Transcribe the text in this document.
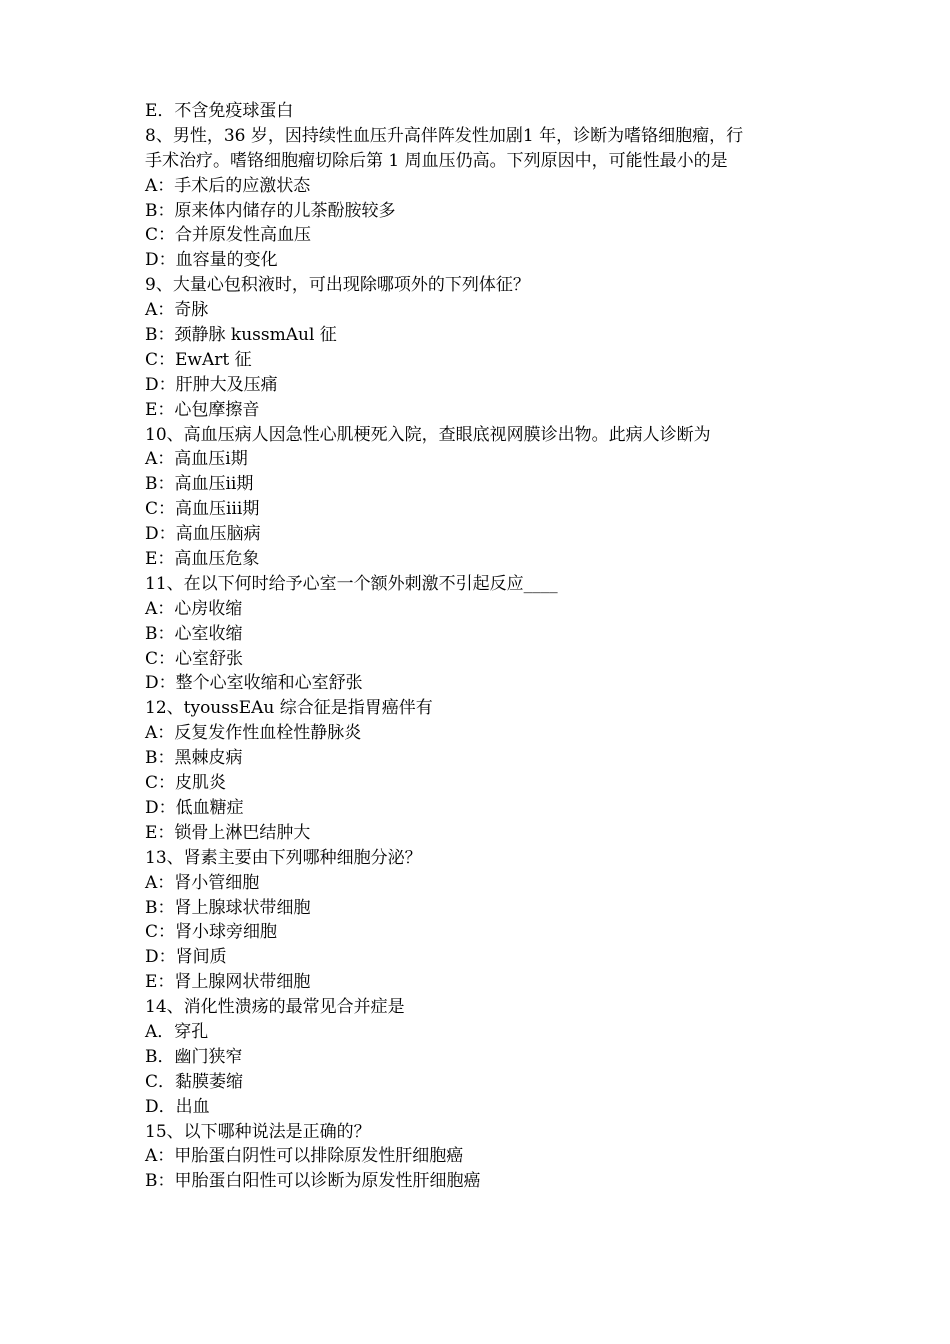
E．不含免疫球蛋白
8、男性，36 岁，因持续性血压升高伴阵发性加剧1 年，诊断为嗜铬细胞瘤，行
手术治疗。嗜铬细胞瘤切除后第 1 周血压仍高。下列原因中，可能性最小的是
A：手术后的应激状态
B：原来体内储存的儿茶酚胺较多
C：合并原发性高血压
D：血容量的变化
9、大量心包积液时，可出现除哪项外的下列体征？
A：奇脉
B：颈静脉 kussmAul 征
C：EwArt 征
D：肝肿大及压痛
E：心包摩擦音
10、高血压病人因急性心肌梗死入院，查眼底视网膜诊出物。此病人诊断为
A：高血压ⅰ期
B：高血压ⅱ期
C：高血压ⅲ期
D：高血压脑病
E：高血压危象
11、在以下何时给予心室一个额外刺激不引起反应____
A：心房收缩
B：心室收缩
C：心室舒张
D：整个心室收缩和心室舒张
12、tyoussEAu 综合征是指胃癌伴有
A：反复发作性血栓性静脉炎
B：黑棘皮病
C：皮肌炎
D：低血糖症
E：锁骨上淋巴结肿大
13、肾素主要由下列哪种细胞分泌？
A：肾小管细胞
B：肾上腺球状带细胞
C：肾小球旁细胞
D：肾间质
E：肾上腺网状带细胞
14、消化性溃疡的最常见合并症是
A．穿孔
B．幽门狭窄
C．黏膜萎缩
D．出血
15、以下哪种说法是正确的？
A：甲胎蛋白阴性可以排除原发性肝细胞癌
B：甲胎蛋白阳性可以诊断为原发性肝细胞癌
